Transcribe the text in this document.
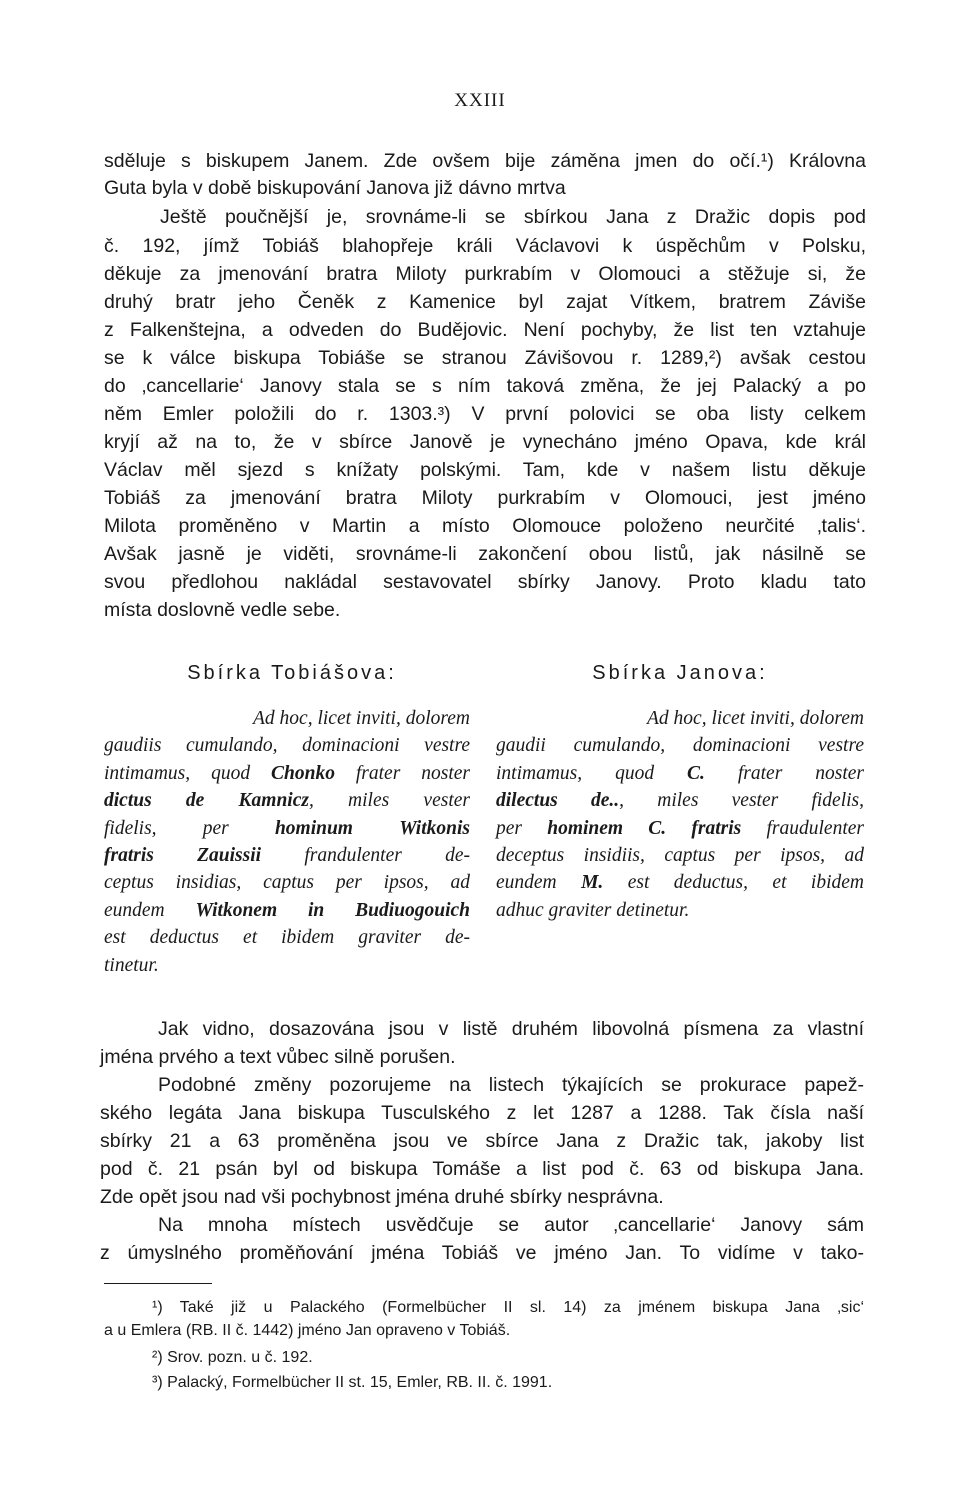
XXIII
sděluje s biskupem Janem. Zde ovšem bije záměna jmen do očí.¹) Královna
Guta byla v době biskupování Janova již dávno mrtva
Ještě poučnější je, srovnáme-li se sbírkou Jana z Dražic dopis pod
č. 192, jímž Tobiáš blahopřeje králi Václavovi k úspěchům v Polsku,
děkuje za jmenování bratra Miloty purkrabím v Olomouci a stěžuje si, že
druhý bratr jeho Čeněk z Kamenice byl zajat Vítkem, bratrem Záviše
z Falkenštejna, a odveden do Budějovic. Není pochyby, že list ten vztahuje
se k válce biskupa Tobiáše se stranou Závišovou r. 1289,²) avšak cestou
do ‚cancellarie‘ Janovy stala se s ním taková změna, že jej Palacký a po
něm Emler položili do r. 1303.³) V první polovici se oba listy celkem
kryjí až na to, že v sbírce Janově je vynecháno jméno Opava, kde král
Václav měl sjezd s knížaty polskými. Tam, kde v našem listu děkuje
Tobiáš za jmenování bratra Miloty purkrabím v Olomouci, jest jméno
Milota proměněno v Martin a místo Olomouce položeno neurčité ‚talis‘.
Avšak jasně je viděti, srovnáme-li zakončení obou listů, jak násilně se
svou předlohou nakládal sestavovatel sbírky Janovy. Proto kladu tato
místa doslovně vedle sebe.
Sbírka Tobiášova:	Sbírka Janova:
Ad hoc, licet inviti, dolorem
gaudiis cumulando, dominacioni vestre
intimamus, quod Chonko frater noster
dictus de Kamnicz, miles vester
fidelis, per hominum Witkonis
fratris Zauissii frandulenter de-
ceptus insidias, captus per ipsos, ad
eundem Witkonem in Budiuogouich
est deductus et ibidem graviter de-
tinetur.
Ad hoc, licet inviti, dolorem
gaudii cumulando, dominacioni vestre
intimamus, quod C. frater noster
dilectus de.., miles vester fidelis,
per hominem C. fratris fraudulenter
deceptus insidiis, captus per ipsos, ad
eundem M. est deductus, et ibidem
adhuc graviter detinetur.
Jak vidno, dosazována jsou v listě druhém libovolná písmena za vlastní
jména prvého a text vůbec silně porušen.
Podobné změny pozorujeme na listech týkajících se prokurace papež-
ského legáta Jana biskupa Tusculského z let 1287 a 1288. Tak čísla naší
sbírky 21 a 63 proměněna jsou ve sbírce Jana z Dražic tak, jakoby list
pod č. 21 psán byl od biskupa Tomáše a list pod č. 63 od biskupa Jana.
Zde opět jsou nad vši pochybnost jména druhé sbírky nesprávna.
Na mnoha místech usvědčuje se autor ‚cancellarie‘ Janovy sám
z úmyslného proměňování jména Tobiáš ve jméno Jan. To vidíme v tako-
¹) Také již u Palackého (Formelbücher II sl. 14) za jménem biskupa Jana ‚sic‘
a u Emlera (RB. II č. 1442) jméno Jan opraveno v Tobiáš.
²) Srov. pozn. u č. 192.
³) Palacký, Formelbücher II st. 15, Emler, RB. II. č. 1991.
